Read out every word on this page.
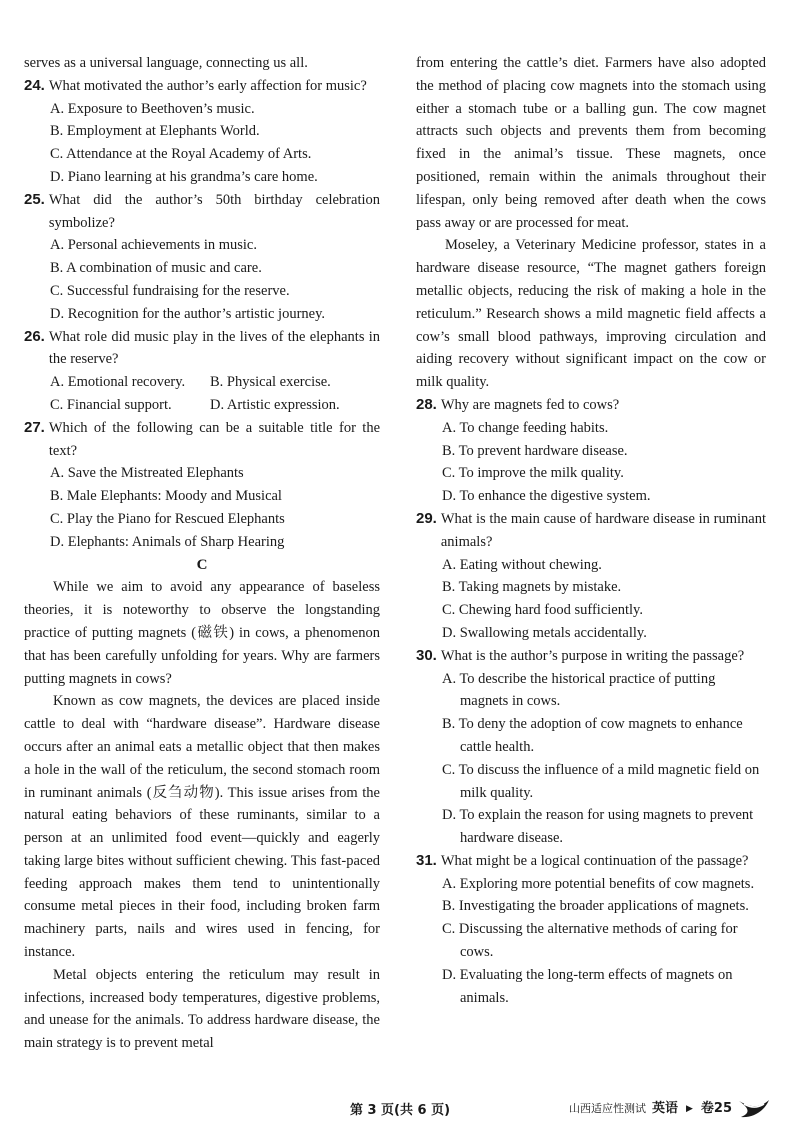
serves as a universal language, connecting us all.

24. What motivated the author’s early affection for music?
A. Exposure to Beethoven’s music.
B. Employment at Elephants World.
C. Attendance at the Royal Academy of Arts.
D. Piano learning at his grandma’s care home.
25. What did the author’s 50th birthday celebration symbolize?
A. Personal achievements in music.
B. A combination of music and care.
C. Successful fundraising for the reserve.
D. Recognition for the author’s artistic journey.
26. What role did music play in the lives of the elephants in the reserve?
A. Emotional recovery.	B. Physical exercise.
C. Financial support.	D. Artistic expression.
27. Which of the following can be a suitable title for the text?
A. Save the Mistreated Elephants
B. Male Elephants: Moody and Musical
C. Play the Piano for Rescued Elephants
D. Elephants: Animals of Sharp Hearing
C

While we aim to avoid any appearance of baseless theories, it is noteworthy to observe the longstanding practice of putting magnets (磁铁) in cows, a phenomenon that has been carefully unfolding for years. Why are farmers putting magnets in cows?

Known as cow magnets, the devices are placed inside cattle to deal with “hardware disease”. Hardware disease occurs after an animal eats a metallic object that then makes a hole in the wall of the reticulum, the second stomach room in ruminant animals (反刍动物). This issue arises from the natural eating behaviors of these ruminants, similar to a person at an unlimited food event—quickly and eagerly taking large bites without sufficient chewing. This fast-paced feeding approach makes them tend to unintentionally consume metal pieces in their food, including broken farm machinery parts, nails and wires used in fencing, for instance.

Metal objects entering the reticulum may result in infections, increased body temperatures, digestive problems, and unease for the animals. To address hardware disease, the main strategy is to prevent metal

from entering the cattle’s diet. Farmers have also adopted the method of placing cow magnets into the stomach using either a stomach tube or a balling gun. The cow magnet attracts such objects and prevents them from becoming fixed in the animal’s tissue. These magnets, once positioned, remain within the animals throughout their lifespan, only being removed after death when the cows pass away or are processed for meat.

Moseley, a Veterinary Medicine professor, states in a hardware disease resource, “The magnet gathers foreign metallic objects, reducing the risk of making a hole in the reticulum.” Research shows a mild magnetic field affects a cow’s small blood pathways, improving circulation and aiding recovery without significant impact on the cow or milk quality.

28. Why are magnets fed to cows?
A. To change feeding habits.
B. To prevent hardware disease.
C. To improve the milk quality.
D. To enhance the digestive system.
29. What is the main cause of hardware disease in ruminant animals?
A. Eating without chewing.
B. Taking magnets by mistake.
C. Chewing hard food sufficiently.
D. Swallowing metals accidentally.
30. What is the author’s purpose in writing the passage?
A. To describe the historical practice of putting magnets in cows.
B. To deny the adoption of cow magnets to enhance cattle health.
C. To discuss the influence of a mild magnetic field on milk quality.
D. To explain the reason for using magnets to prevent hardware disease.
31. What might be a logical continuation of the passage?
A. Exploring more potential benefits of cow magnets.
B. Investigating the broader applications of magnets.
C. Discussing the alternative methods of caring for cows.
D. Evaluating the long-term effects of magnets on animals.
第 3 页(共 6 页)	山西适应性测试 英语 ▶ 卷25
